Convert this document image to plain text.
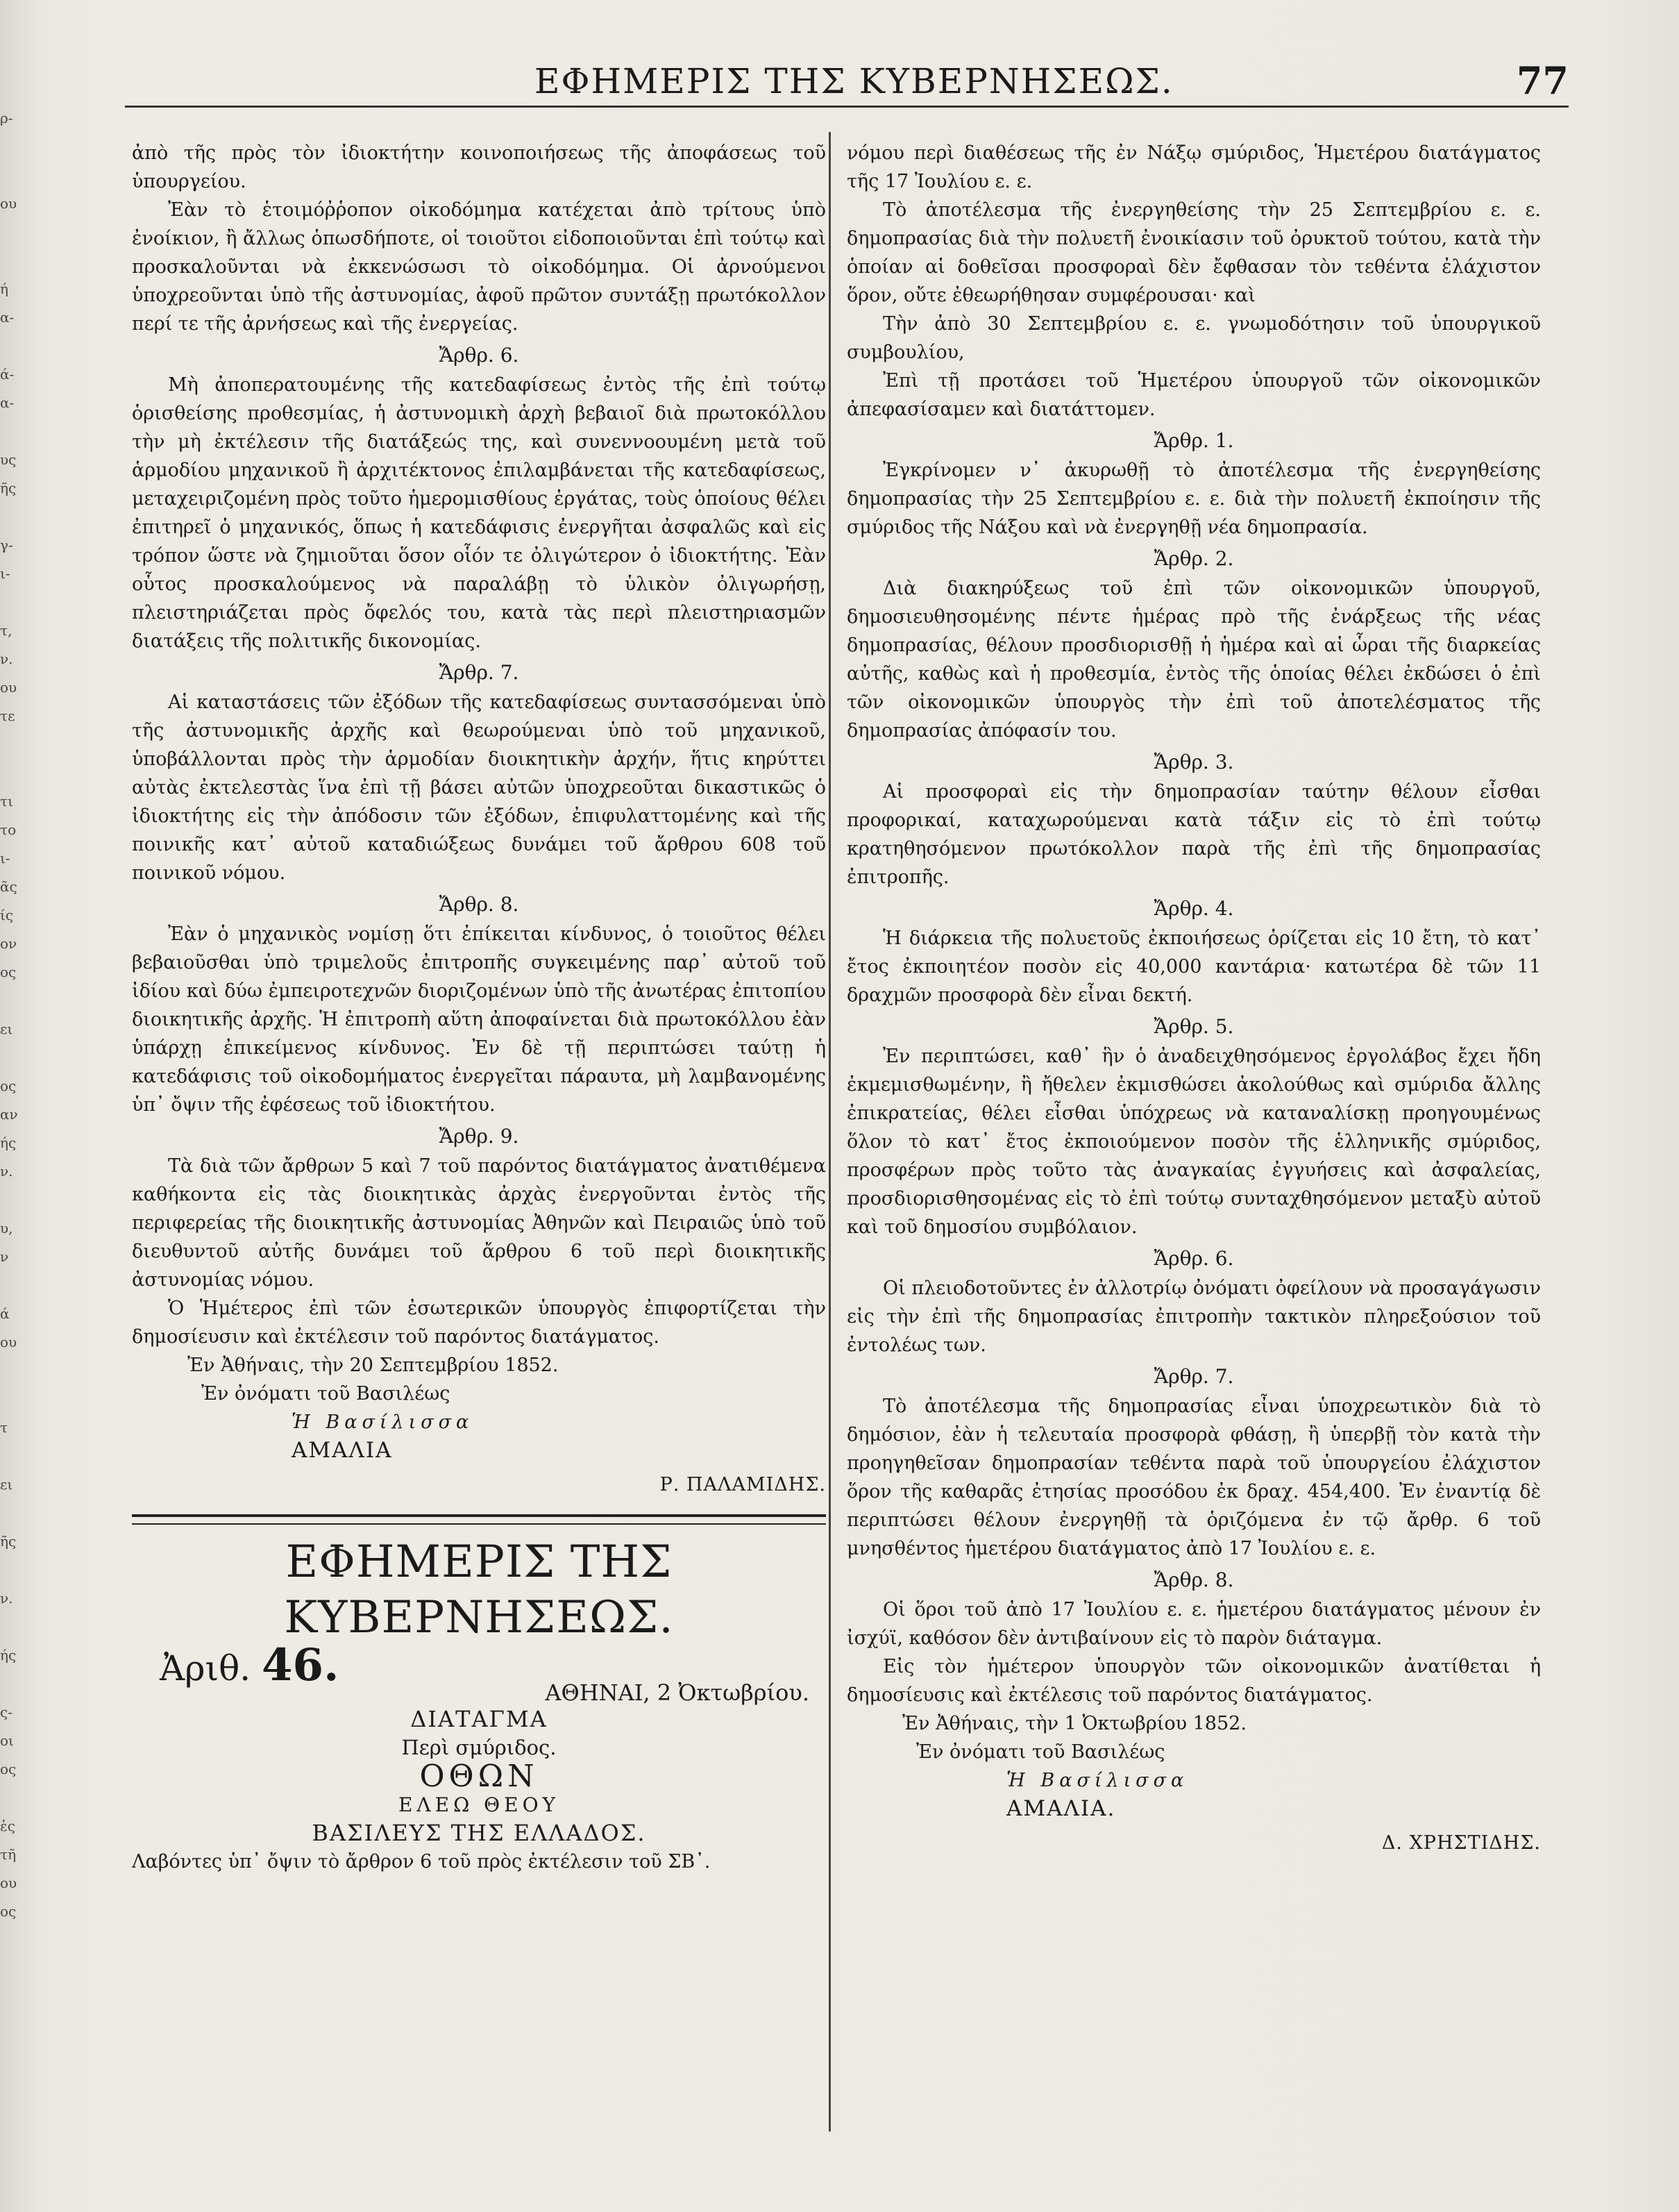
ρ-

ου

ή
α-

ά-
α-

υς
ῆς

γ-
ι-

τ,
ν.
ου
τε

τι
το
ι-
ᾶς
ίς
ον
ος

ει

ος
αν
ής
ν.

υ,
ν

ά
ου

τ

ει

ῆς

ν.

ής

ς-
οι
ος

ἑς
τῆ
ου
ος
ΕΦΗΜΕΡΙΣ ΤΗΣ ΚΥΒΕΡΝΗΣΕΩΣ.	77

ἀπὸ τῆς πρὸς τὸν ἰδιοκτήτην κοινοποιήσεως τῆς ἀποφάσεως τοῦ ὑπουργείου.

Ἐὰν τὸ ἑτοιμόῤῥοπον οἰκοδόμημα κατέχεται ἀπὸ τρίτους ὑπὸ ἐνοίκιον, ἢ ἄλλως ὁπωσδήποτε, οἱ τοιοῦτοι εἰδοποιοῦνται ἐπὶ τούτῳ καὶ προσκαλοῦνται νὰ ἐκκενώσωσι τὸ οἰκοδόμημα. Οἱ ἀρνούμενοι ὑποχρεοῦνται ὑπὸ τῆς ἀστυνομίας, ἀφοῦ πρῶτον συντάξῃ πρωτόκολλον περί τε τῆς ἀρνήσεως καὶ τῆς ἐνεργείας.

Ἄρθρ. 6.

Μὴ ἀποπερατουμένης τῆς κατεδαφίσεως ἐντὸς τῆς ἐπὶ τούτῳ ὁρισθείσης προθεσμίας, ἡ ἀστυνομικὴ ἀρχὴ βεβαιοῖ διὰ πρωτοκόλλου τὴν μὴ ἐκτέλεσιν τῆς διατάξεώς της, καὶ συνεννοουμένη μετὰ τοῦ ἁρμοδίου μηχανικοῦ ἢ ἀρχιτέκτονος ἐπιλαμβάνεται τῆς κατεδαφίσεως, μεταχειριζομένη πρὸς τοῦτο ἡμερομισθίους ἐργάτας, τοὺς ὁποίους θέλει ἐπιτηρεῖ ὁ μηχανικός, ὅπως ἡ κατεδάφισις ἐνεργῆται ἀσφαλῶς καὶ εἰς τρόπον ὥστε νὰ ζημιοῦται ὅσον οἷόν τε ὀλιγώτερον ὁ ἰδιοκτήτης. Ἐὰν οὗτος προσκαλούμενος νὰ παραλάβῃ τὸ ὑλικὸν ὀλιγωρήσῃ, πλειστηριάζεται πρὸς ὄφελός του, κατὰ τὰς περὶ πλειστηριασμῶν διατάξεις τῆς πολιτικῆς δικονομίας.

Ἄρθρ. 7.

Αἱ καταστάσεις τῶν ἐξόδων τῆς κατεδαφίσεως συντασσόμεναι ὑπὸ τῆς ἀστυνομικῆς ἀρχῆς καὶ θεωρούμεναι ὑπὸ τοῦ μηχανικοῦ, ὑποβάλλονται πρὸς τὴν ἁρμοδίαν διοικητικὴν ἀρχήν, ἥτις κηρύττει αὐτὰς ἐκτελεστὰς ἵνα ἐπὶ τῇ βάσει αὐτῶν ὑποχρεοῦται δικαστικῶς ὁ ἰδιοκτήτης εἰς τὴν ἀπόδοσιν τῶν ἐξόδων, ἐπιφυλαττομένης καὶ τῆς ποινικῆς κατ᾿ αὐτοῦ καταδιώξεως δυνάμει τοῦ ἄρθρου 608 τοῦ ποινικοῦ νόμου.

Ἄρθρ. 8.

Ἐὰν ὁ μηχανικὸς νομίσῃ ὅτι ἐπίκειται κίνδυνος, ὁ τοιοῦτος θέλει βεβαιοῦσθαι ὑπὸ τριμελοῦς ἐπιτροπῆς συγκειμένης παρ᾿ αὐτοῦ τοῦ ἰδίου καὶ δύω ἐμπειροτεχνῶν διοριζομένων ὑπὸ τῆς ἀνωτέρας ἐπιτοπίου διοικητικῆς ἀρχῆς. Ἡ ἐπιτροπὴ αὕτη ἀποφαίνεται διὰ πρωτοκόλλου ἐὰν ὑπάρχῃ ἐπικείμενος κίνδυνος. Ἐν δὲ τῇ περιπτώσει ταύτῃ ἡ κατεδάφισις τοῦ οἰκοδομήματος ἐνεργεῖται πάραυτα, μὴ λαμβανομένης ὑπ᾿ ὄψιν τῆς ἐφέσεως τοῦ ἰδιοκτήτου.

Ἄρθρ. 9.

Τὰ διὰ τῶν ἄρθρων 5 καὶ 7 τοῦ παρόντος διατάγματος ἀνατιθέμενα καθήκοντα εἰς τὰς διοικητικὰς ἀρχὰς ἐνεργοῦνται ἐντὸς τῆς περιφερείας τῆς διοικητικῆς ἀστυνομίας Ἀθηνῶν καὶ Πειραιῶς ὑπὸ τοῦ διευθυντοῦ αὐτῆς δυνάμει τοῦ ἄρθρου 6 τοῦ περὶ διοικητικῆς ἀστυνομίας νόμου.

Ὁ Ἡμέτερος ἐπὶ τῶν ἐσωτερικῶν ὑπουργὸς ἐπιφορτίζεται τὴν δημοσίευσιν καὶ ἐκτέλεσιν τοῦ παρόντος διατάγματος.

Ἐν Ἀθήναις, τὴν 20 Σεπτεμβρίου 1852.
Ἐν ὀνόματι τοῦ Βασιλέως
Ἡ Βασίλισσα
ΑΜΑΛΙΑ
Ρ. ΠΑΛΑΜΙΔΗΣ.
ΕΦΗΜΕΡΙΣ ΤΗΣ ΚΥΒΕΡΝΗΣΕΩΣ.
Ἀριθ. 46.
ΑΘΗΝΑΙ, 2 Ὀκτωβρίου.
ΔΙΑΤΑΓΜΑ
Περὶ σμύριδος.
ΟΘΩΝ
ΕΛΕΩ ΘΕΟΥ
ΒΑΣΙΛΕΥΣ ΤΗΣ ΕΛΛΑΔΟΣ.

Λαβόντες ὑπ᾿ ὄψιν τὸ ἄρθρον 6 τοῦ πρὸς ἐκτέλεσιν τοῦ ΣΒ᾿.

νόμου περὶ διαθέσεως τῆς ἐν Νάξῳ σμύριδος, Ἡμετέρου διατάγματος τῆς 17 Ἰουλίου ε. ε.

Τὸ ἀποτέλεσμα τῆς ἐνεργηθείσης τὴν 25 Σεπτεμβρίου ε. ε. δημοπρασίας διὰ τὴν πολυετῆ ἐνοικίασιν τοῦ ὀρυκτοῦ τούτου, κατὰ τὴν ὁποίαν αἱ δοθεῖσαι προσφοραὶ δὲν ἔφθασαν τὸν τεθέντα ἐλάχιστον ὅρον, οὔτε ἐθεωρήθησαν συμφέρουσαι· καὶ

Τὴν ἀπὸ 30 Σεπτεμβρίου ε. ε. γνωμοδότησιν τοῦ ὑπουργικοῦ συμβουλίου,

Ἐπὶ τῇ προτάσει τοῦ Ἡμετέρου ὑπουργοῦ τῶν οἰκονομικῶν ἀπεφασίσαμεν καὶ διατάττομεν.

Ἄρθρ. 1.

Ἐγκρίνομεν ν᾿ ἀκυρωθῇ τὸ ἀποτέλεσμα τῆς ἐνεργηθείσης δημοπρασίας τὴν 25 Σεπτεμβρίου ε. ε. διὰ τὴν πολυετῆ ἐκποίησιν τῆς σμύριδος τῆς Νάξου καὶ νὰ ἐνεργηθῇ νέα δημοπρασία.

Ἄρθρ. 2.

Διὰ διακηρύξεως τοῦ ἐπὶ τῶν οἰκονομικῶν ὑπουργοῦ, δημοσιευθησομένης πέντε ἡμέρας πρὸ τῆς ἐνάρξεως τῆς νέας δημοπρασίας, θέλουν προσδιορισθῇ ἡ ἡμέρα καὶ αἱ ὧραι τῆς διαρκείας αὐτῆς, καθὼς καὶ ἡ προθεσμία, ἐντὸς τῆς ὁποίας θέλει ἐκδώσει ὁ ἐπὶ τῶν οἰκονομικῶν ὑπουργὸς τὴν ἐπὶ τοῦ ἀποτελέσματος τῆς δημοπρασίας ἀπόφασίν του.

Ἄρθρ. 3.

Αἱ προσφοραὶ εἰς τὴν δημοπρασίαν ταύτην θέλουν εἶσθαι προφορικαί, καταχωρούμεναι κατὰ τάξιν εἰς τὸ ἐπὶ τούτῳ κρατηθησόμενον πρωτόκολλον παρὰ τῆς ἐπὶ τῆς δημοπρασίας ἐπιτροπῆς.

Ἄρθρ. 4.

Ἡ διάρκεια τῆς πολυετοῦς ἐκποιήσεως ὁρίζεται εἰς 10 ἔτη, τὸ κατ᾿ ἔτος ἐκποιητέον ποσὸν εἰς 40,000 καντάρια· κατωτέρα δὲ τῶν 11 δραχμῶν προσφορὰ δὲν εἶναι δεκτή.

Ἄρθρ. 5.

Ἐν περιπτώσει, καθ᾿ ἣν ὁ ἀναδειχθησόμενος ἐργολάβος ἔχει ἤδη ἐκμεμισθωμένην, ἢ ἤθελεν ἐκμισθώσει ἀκολούθως καὶ σμύριδα ἄλλης ἐπικρατείας, θέλει εἶσθαι ὑπόχρεως νὰ καταναλίσκῃ προηγουμένως ὅλον τὸ κατ᾿ ἔτος ἐκποιούμενον ποσὸν τῆς ἑλληνικῆς σμύριδος, προσφέρων πρὸς τοῦτο τὰς ἀναγκαίας ἐγγυήσεις καὶ ἀσφαλείας, προσδιορισθησομένας εἰς τὸ ἐπὶ τούτῳ συνταχθησόμενον μεταξὺ αὐτοῦ καὶ τοῦ δημοσίου συμβόλαιον.

Ἄρθρ. 6.

Οἱ πλειοδοτοῦντες ἐν ἀλλοτρίῳ ὀνόματι ὀφείλουν νὰ προσαγάγωσιν εἰς τὴν ἐπὶ τῆς δημοπρασίας ἐπιτροπὴν τακτικὸν πληρεξούσιον τοῦ ἐντολέως των.

Ἄρθρ. 7.

Τὸ ἀποτέλεσμα τῆς δημοπρασίας εἶναι ὑποχρεωτικὸν διὰ τὸ δημόσιον, ἐὰν ἡ τελευταία προσφορὰ φθάσῃ, ἢ ὑπερβῇ τὸν κατὰ τὴν προηγηθεῖσαν δημοπρασίαν τεθέντα παρὰ τοῦ ὑπουργείου ἐλάχιστον ὅρον τῆς καθαρᾶς ἐτησίας προσόδου ἐκ δραχ. 454,400. Ἐν ἐναντίᾳ δὲ περιπτώσει θέλουν ἐνεργηθῇ τὰ ὁριζόμενα ἐν τῷ ἄρθρ. 6 τοῦ μνησθέντος ἡμετέρου διατάγματος ἀπὸ 17 Ἰουλίου ε. ε.

Ἄρθρ. 8.

Οἱ ὅροι τοῦ ἀπὸ 17 Ἰουλίου ε. ε. ἡμετέρου διατάγματος μένουν ἐν ἰσχύϊ, καθόσον δὲν ἀντιβαίνουν εἰς τὸ παρὸν διάταγμα.

Εἰς τὸν ἡμέτερον ὑπουργὸν τῶν οἰκονομικῶν ἀνατίθεται ἡ δημοσίευσις καὶ ἐκτέλεσις τοῦ παρόντος διατάγματος.

Ἐν Ἀθήναις, τὴν 1 Ὀκτωβρίου 1852.
Ἐν ὀνόματι τοῦ Βασιλέως
Ἡ Βασίλισσα
ΑΜΑΛΙΑ.
Δ. ΧΡΗΣΤΙΔΗΣ.
